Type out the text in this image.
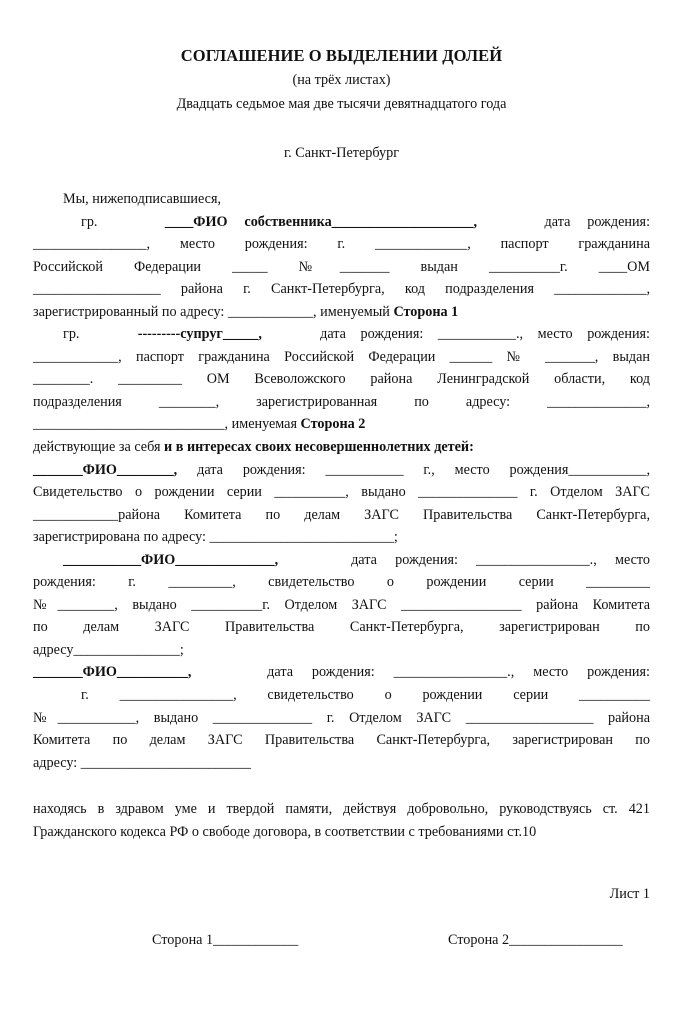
СОГЛАШЕНИЕ О ВЫДЕЛЕНИИ ДОЛЕЙ
(на трёх листах)
Двадцать седьмое мая две тысячи девятнадцатого года
г. Санкт-Петербург

Мы, нижеподписавшиеся,

гр.	____ФИО собственника____________________,	дата рождения:

________________, место рождения: г. _____________, паспорт гражданина

Российской Федерации _____ №_______ выдан __________г. ____ОМ

__________________ района г. Санкт-Петербурга, код подразделения _____________,

зарегистрированный по адресу: ____________, именуемый Сторона 1

гр.	---------супруг_____,	дата рождения: ___________., место рождения:

____________, паспорт гражданина Российской Федерации ______ № _______, выдан

________. _________ ОМ Всеволожского района Ленинградской области, код

подразделения ________, зарегистрированная по адресу: ______________,

___________________________, именуемая Сторона 2

действующие за себя и в интересах своих несовершеннолетних детей:

_______ФИО________, дата рождения: ___________ г., место рождения___________,

Свидетельство о рождении серии __________, выдано ______________ г. Отделом ЗАГС

____________района Комитета по делам ЗАГС Правительства Санкт-Петербурга,

зарегистрирована по адресу: __________________________;

___________ФИО______________,	дата рождения: ________________., место

рождения: г. _________, свидетельство о рождении серии _________

№________, выдано __________г. Отделом ЗАГС _________________ района Комитета

по делам ЗАГС Правительства Санкт-Петербурга, зарегистрирован по

адресу_______________;

_______ФИО__________,	дата рождения: ________________., место рождения:

г. ________________, свидетельство о рождении серии __________

№___________, выдано ______________ г. Отделом ЗАГС __________________ района

Комитета по делам ЗАГС Правительства Санкт-Петербурга, зарегистрирован по

адресу: ________________________

находясь в здравом уме и твердой памяти, действуя добровольно, руководствуясь ст. 421 Гражданского кодекса РФ о свободе договора, в соответствии с требованиями ст.10

Лист 1
Сторона 1____________	Сторона 2________________
